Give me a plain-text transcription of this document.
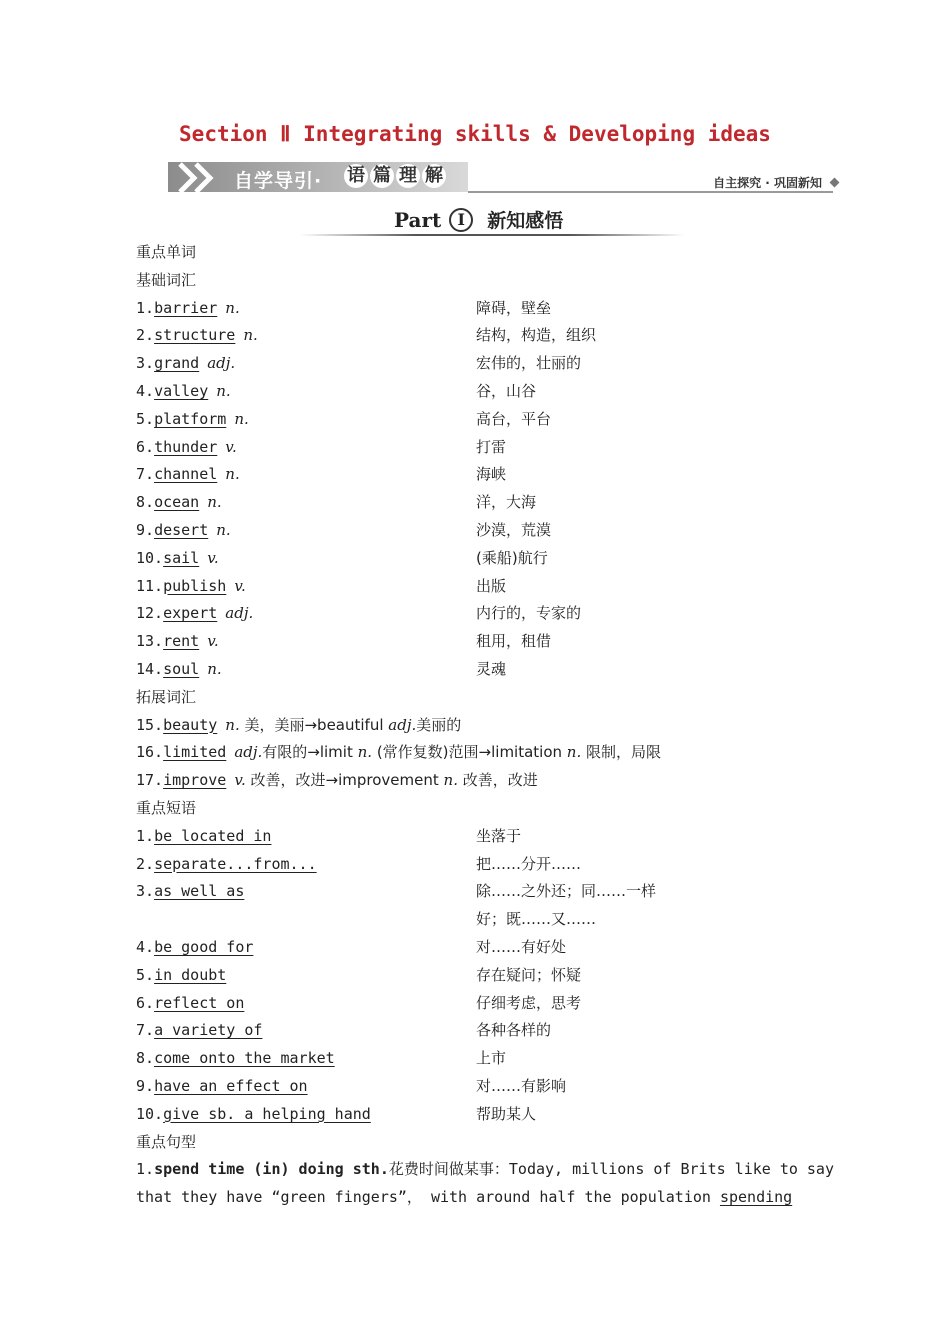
Section Ⅱ Integrating skills & Developing ideas
自学导引· 语 篇 理 解	自主探究 · 巩固新知
Part	I	新知感悟
重点单词
基础词汇
1.barrier n.	障碍，壁垒
2.structure n.	结构，构造，组织
3.grand adj.	宏伟的，壮丽的
4.valley n.	谷，山谷
5.platform n.	高台，平台
6.thunder v.	打雷
7.channel n.	海峡
8.ocean n.	洋，大海
9.desert n.	沙漠，荒漠
10.sail v.	(乘船)航行
11.publish v.	出版
12.expert adj.	内行的，专家的
13.rent v.	租用，租借
14.soul n.	灵魂
拓展词汇
15.beauty n. 美，美丽→beautiful adj.美丽的
16.limited adj.有限的→limit n. (常作复数)范围→limitation n. 限制，局限
17.improve v. 改善，改进→improvement n. 改善，改进
重点短语
1.be located in	坐落于
2.separate...from...	把……分开……
3.as well as	除……之外还；同……一样
好；既……又……
4.be good for	对……有好处
5.in doubt	存在疑问；怀疑
6.reflect on	仔细考虑，思考
7.a variety of	各种各样的
8.come onto the market	上市
9.have an effect on	对……有影响
10.give sb. a helping hand	帮助某人
重点句型
1.spend time (in) doing sth.花费时间做某事：Today, millions of Brits like to say
that they have “green fingers”， with around half the population spending
